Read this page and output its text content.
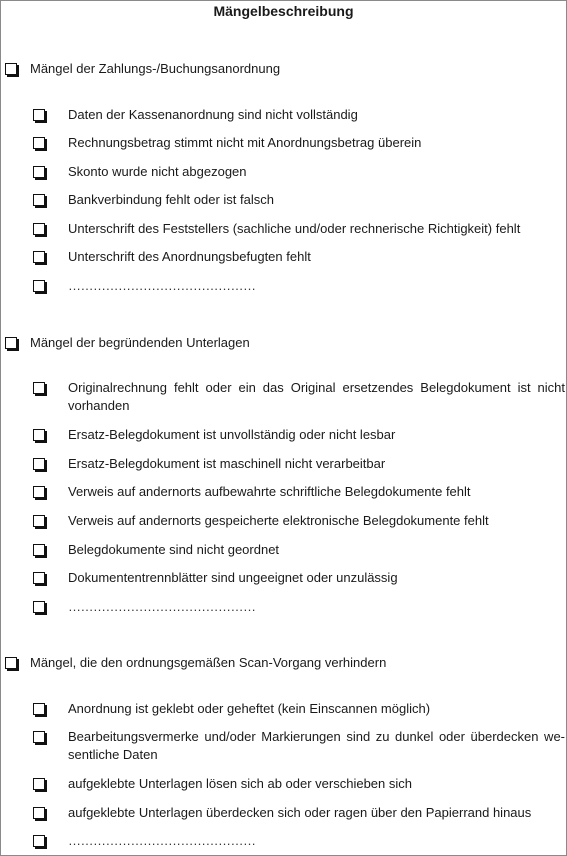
Mängelbeschreibung
Mängel der Zahlungs-/Buchungsanordnung
Daten der Kassenanordnung sind nicht vollständig
Rechnungsbetrag stimmt nicht mit Anordnungsbetrag überein
Skonto wurde nicht abgezogen
Bankverbindung fehlt oder ist falsch
Unterschrift des Feststellers (sachliche und/oder rechnerische Richtigkeit) fehlt
Unterschrift des Anordnungsbefugten fehlt
………………………………………
Mängel der begründenden Unterlagen
Originalrechnung fehlt oder ein das Original ersetzendes Belegdokument ist nicht vorhanden
Ersatz-Belegdokument ist unvollständig oder nicht lesbar
Ersatz-Belegdokument ist maschinell nicht verarbeitbar
Verweis auf andernorts aufbewahrte schriftliche Belegdokumente fehlt
Verweis auf andernorts gespeicherte elektronische Belegdokumente fehlt
Belegdokumente sind nicht geordnet
Dokumententrennblätter sind ungeeignet oder unzulässig
………………………………………
Mängel, die den ordnungsgemäßen Scan-Vorgang verhindern
Anordnung ist geklebt oder geheftet (kein Einscannen möglich)
Bearbeitungsvermerke und/oder Markierungen sind zu dunkel oder überdecken we-sentliche Daten
aufgeklebte Unterlagen lösen sich ab oder verschieben sich
aufgeklebte Unterlagen überdecken sich oder ragen über den Papierrand hinaus
………………………………………
